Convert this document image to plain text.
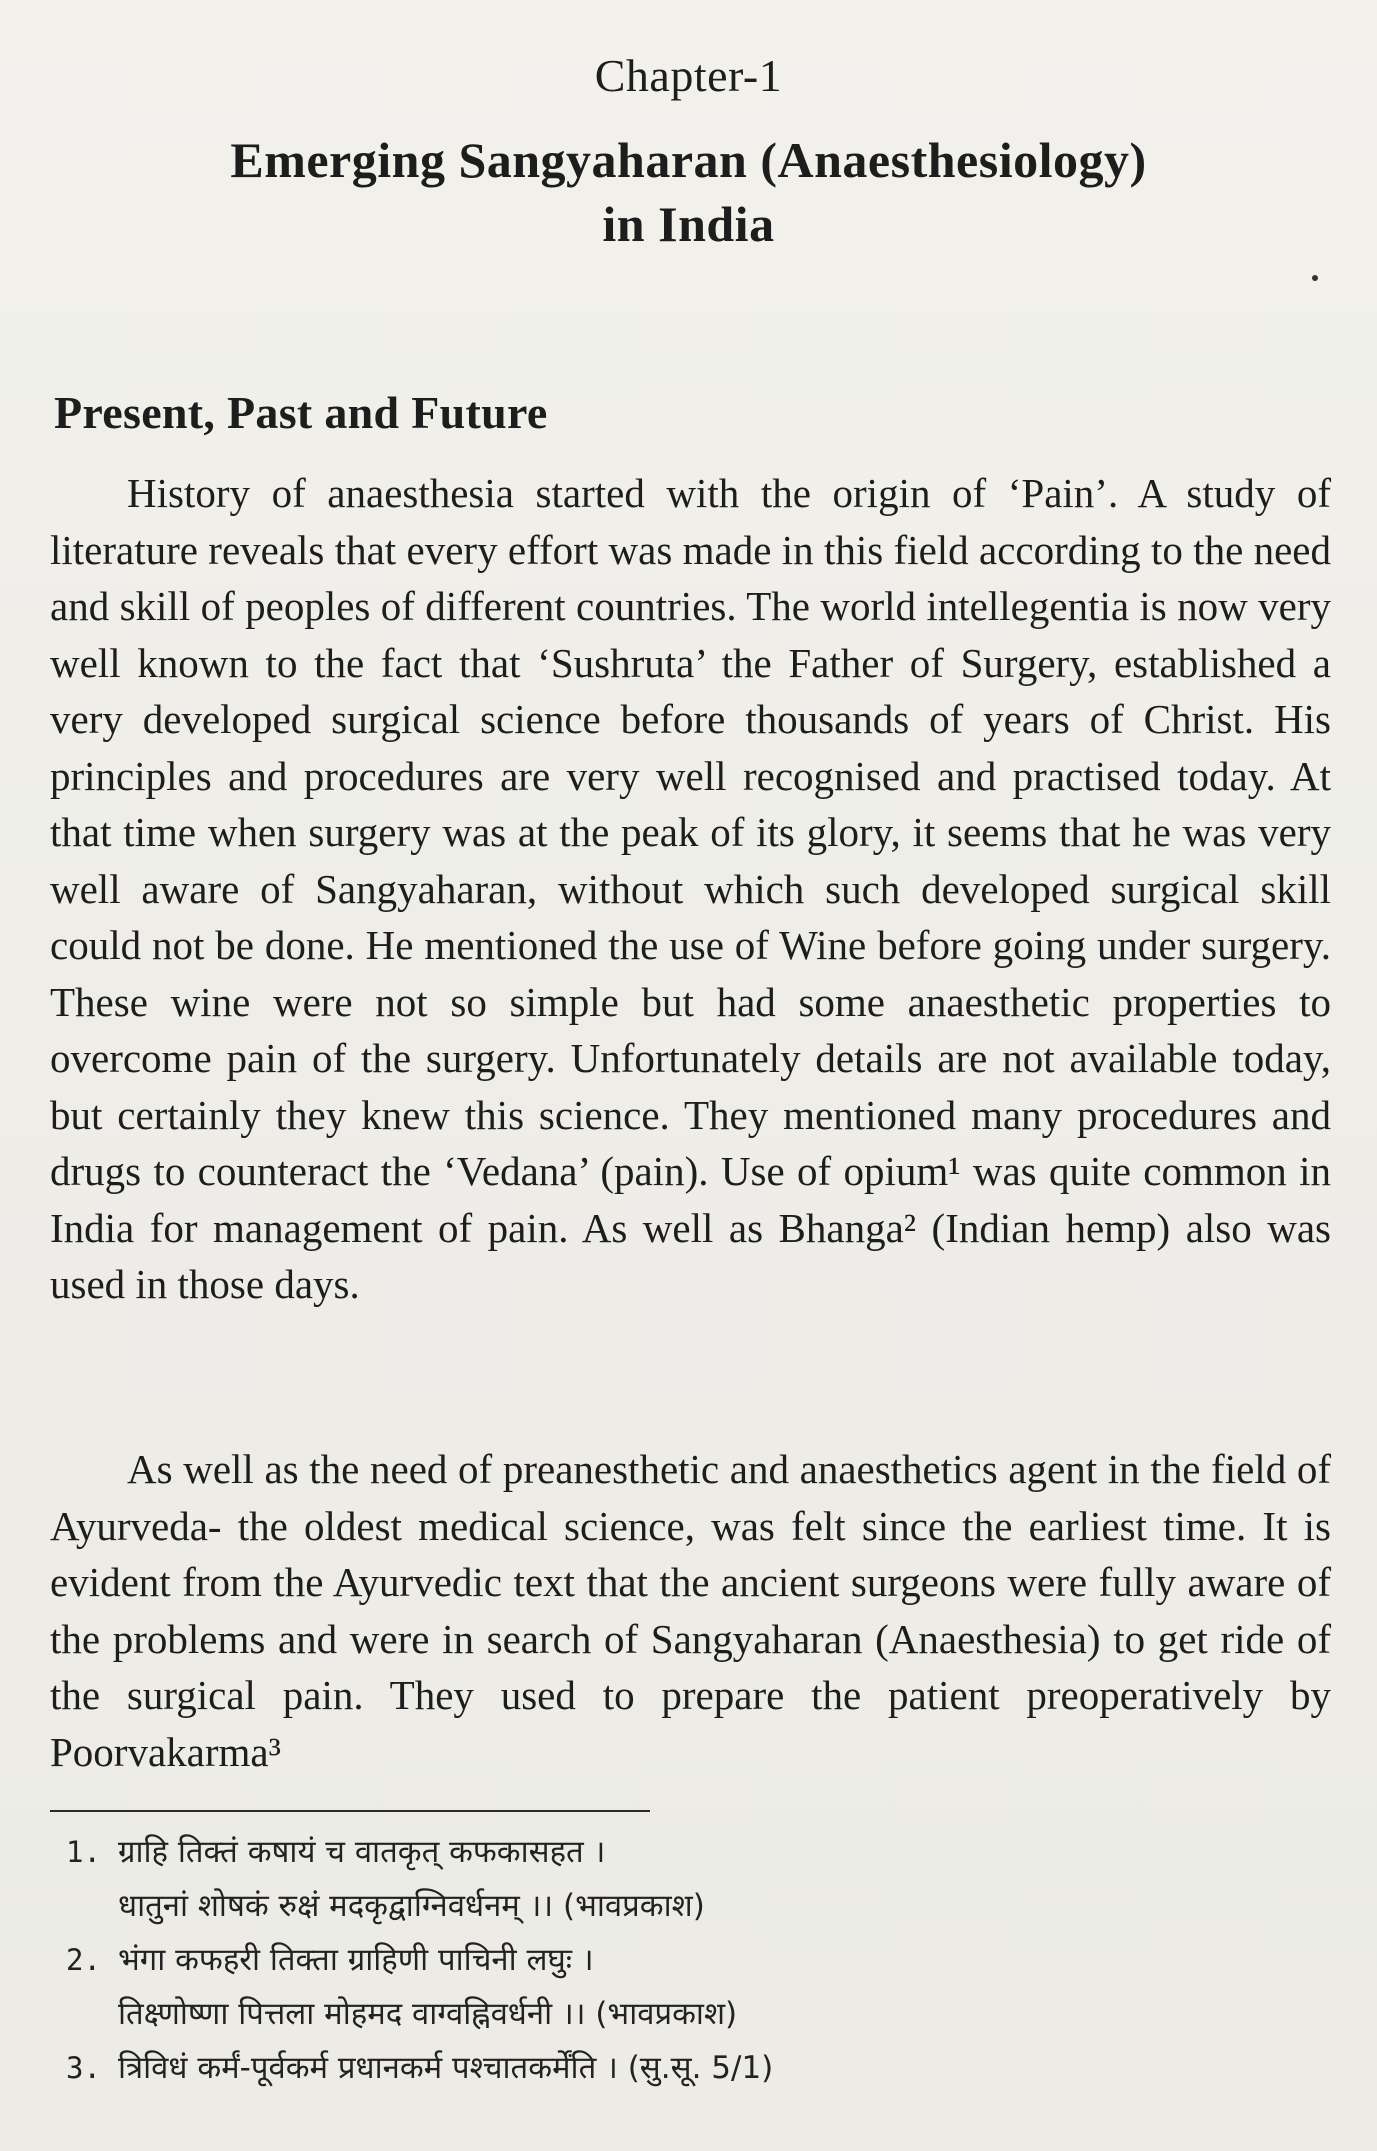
Chapter-1
Emerging Sangyaharan (Anaesthesiology)
in India
Present, Past and Future

History of anaesthesia started with the origin of ‘Pain’. A study of literature reveals that every effort was made in this field according to the need and skill of peoples of different countries. The world intellegentia is now very well known to the fact that ‘Sushruta’ the Father of Surgery, established a very developed surgical science before thousands of years of Christ. His principles and procedures are very well recognised and practised today. At that time when surgery was at the peak of its glory, it seems that he was very well aware of Sangyaharan, without which such developed surgical skill could not be done. He mentioned the use of Wine before going under surgery. These wine were not so simple but had some anaesthetic properties to overcome pain of the surgery. Unfortunately details are not available today, but certainly they knew this science. They mentioned many procedures and drugs to counteract the ‘Vedana’ (pain). Use of opium¹ was quite common in India for management of pain. As well as Bhanga² (Indian hemp) also was used in those days.

As well as the need of preanesthetic and anaesthetics agent in the field of Ayurveda- the oldest medical science, was felt since the earliest time. It is evident from the Ayurvedic text that the ancient surgeons were fully aware of the problems and were in search of Sangyaharan (Anaesthesia) to get ride of the surgical pain. They used to prepare the patient preoperatively by Poorvakarma³

1. ग्राहि तिक्तं कषायं च वातकृत् कफकासहत ।
धातुनां शोषकं रुक्षं मदकृद्वाग्निवर्धनम् ।। (भावप्रकाश)
2. भंगा कफहरी तिक्ता ग्राहिणी पाचिनी लघुः ।
तिक्ष्णोष्णा पित्तला मोहमद वाग्वह्निवर्धनी ।। (भावप्रकाश)
3. त्रिविधं कर्मं-पूर्वकर्म प्रधानकर्म पश्चातकर्मेंति । (सु.सू. 5/1)
